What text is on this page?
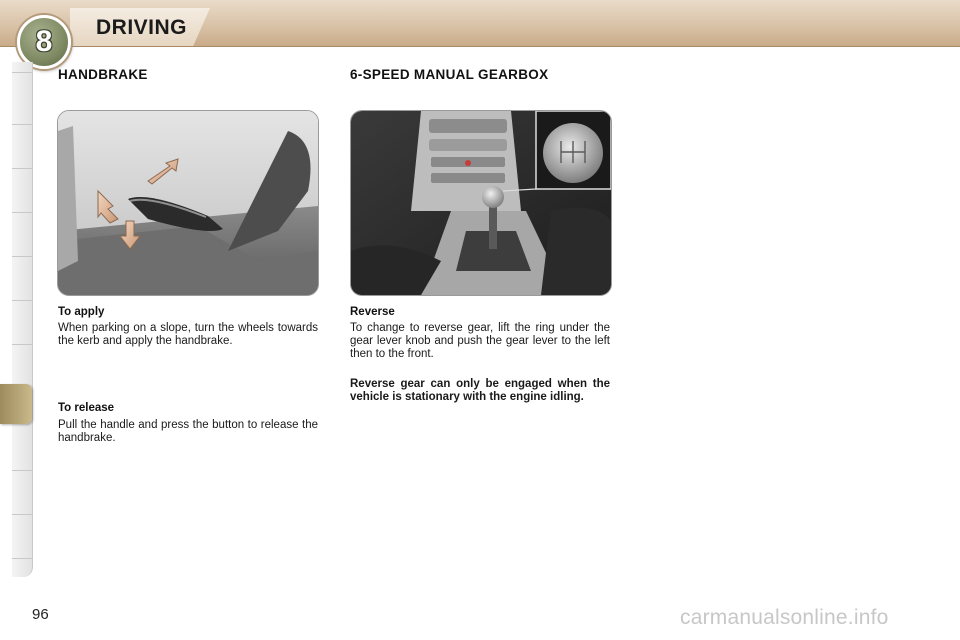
8 DRIVING
HANDBRAKE	6-SPEED MANUAL GEARBOX
To apply

When parking on a slope, turn the wheels towards the kerb and apply the handbrake.

To release

Pull the handle and press the button to release the handbrake.

Reverse

To change to reverse gear, lift the ring under the gear lever knob and push the gear lever to the left then to the front.

Reverse gear can only be engaged when the vehicle is stationary with the engine idling.

96	carmanualsonline.info
